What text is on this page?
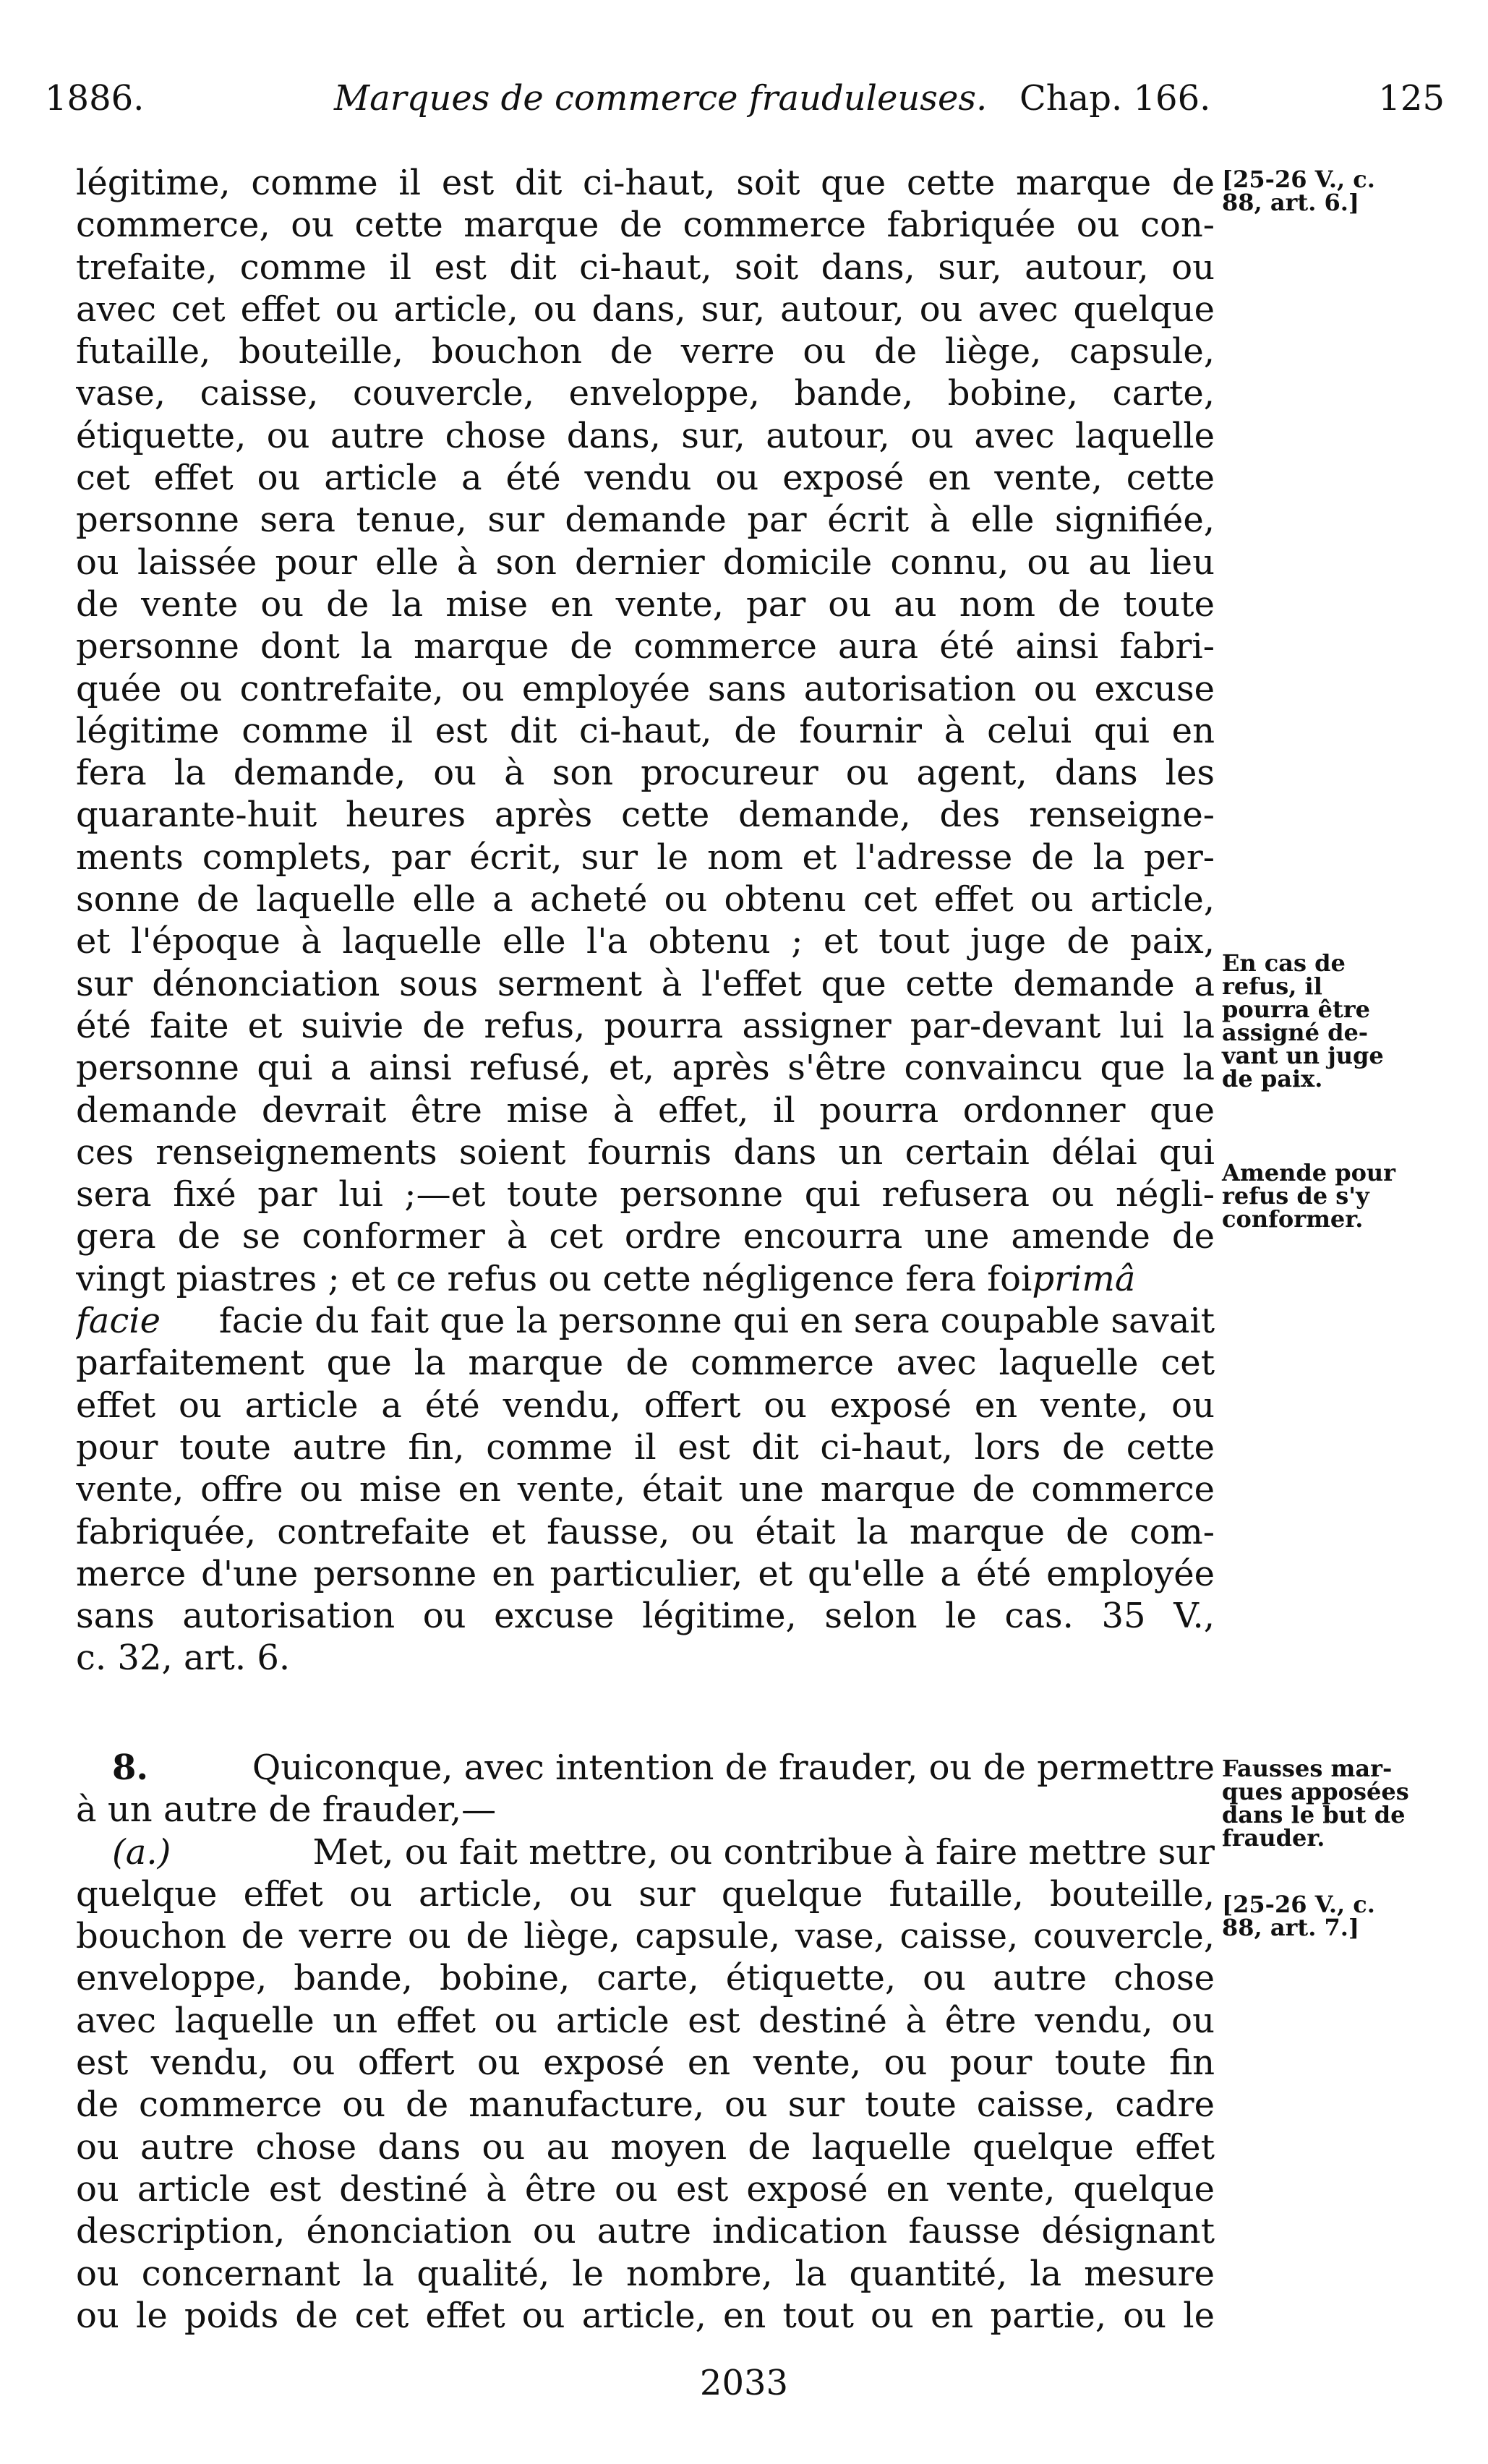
1886.	Marques de commerce frauduleuses. Chap. 166.	125
légitime, comme il est dit ci-haut, soit que cette marque de
commerce, ou cette marque de commerce fabriquée ou con-
trefaite, comme il est dit ci-haut, soit dans, sur, autour, ou
avec cet effet ou article, ou dans, sur, autour, ou avec quelque
futaille, bouteille, bouchon de verre ou de liège, capsule,
vase, caisse, couvercle, enveloppe, bande, bobine, carte,
étiquette, ou autre chose dans, sur, autour, ou avec laquelle
cet effet ou article a été vendu ou exposé en vente, cette
personne sera tenue, sur demande par écrit à elle signifiée,
ou laissée pour elle à son dernier domicile connu, ou au lieu
de vente ou de la mise en vente, par ou au nom de toute
personne dont la marque de commerce aura été ainsi fabri-
quée ou contrefaite, ou employée sans autorisation ou excuse
légitime comme il est dit ci-haut, de fournir à celui qui en
fera la demande, ou à son procureur ou agent, dans les
quarante-huit heures après cette demande, des renseigne-
ments complets, par écrit, sur le nom et l'adresse de la per-
sonne de laquelle elle a acheté ou obtenu cet effet ou article,
et l'époque à laquelle elle l'a obtenu ; et tout juge de paix,
sur dénonciation sous serment à l'effet que cette demande a
été faite et suivie de refus, pourra assigner par-devant lui la
personne qui a ainsi refusé, et, après s'être convaincu que la
demande devrait être mise à effet, il pourra ordonner que
ces renseignements soient fournis dans un certain délai qui
sera fixé par lui ;—et toute personne qui refusera ou négli-
gera de se conformer à cet ordre encourra une amende de
vingt piastres ; et ce refus ou cette négligence fera foiprimâ
facie facie du fait que la personne qui en sera coupable savait
parfaitement que la marque de commerce avec laquelle cet
effet ou article a été vendu, offert ou exposé en vente, ou
pour toute autre fin, comme il est dit ci-haut, lors de cette
vente, offre ou mise en vente, était une marque de commerce
fabriquée, contrefaite et fausse, ou était la marque de com-
merce d'une personne en particulier, et qu'elle a été employée
sans autorisation ou excuse légitime, selon le cas. 35 V.,
c. 32, art. 6.
8.	Quiconque, avec intention de frauder, ou de permettre
à un autre de frauder,—
(a.)	Met, ou fait mettre, ou contribue à faire mettre sur
quelque effet ou article, ou sur quelque futaille, bouteille,
bouchon de verre ou de liège, capsule, vase, caisse, couvercle,
enveloppe, bande, bobine, carte, étiquette, ou autre chose
avec laquelle un effet ou article est destiné à être vendu, ou
est vendu, ou offert ou exposé en vente, ou pour toute fin
de commerce ou de manufacture, ou sur toute caisse, cadre
ou autre chose dans ou au moyen de laquelle quelque effet
ou article est destiné à être ou est exposé en vente, quelque
description, énonciation ou autre indication fausse désignant
ou concernant la qualité, le nombre, la quantité, la mesure
ou le poids de cet effet ou article, en tout ou en partie, ou le
[25-26 V., c.
88, art. 6.]
En cas de
refus, il
pourra être
assigné de-
vant un juge
de paix.
Amende pour
refus de s'y
conformer.
Fausses mar-
ques apposées
dans le but de
frauder.
[25-26 V., c.
88, art. 7.]
2033
